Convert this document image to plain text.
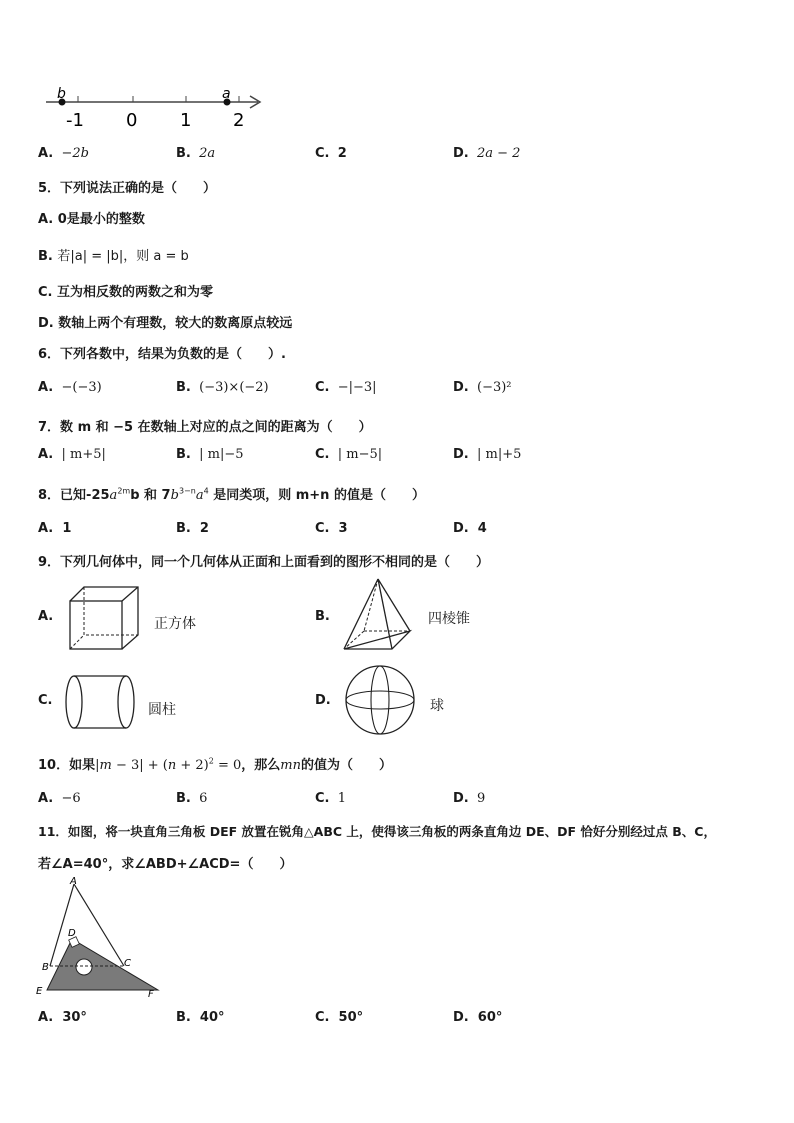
b	a
-1 0 1 2
A. −2b	B. 2a	C. 2	D. 2a − 2
5．下列说法正确的是（　　）
A. 0是最小的整数
B. 若|a| = |b|，则 a = b
C. 互为相反数的两数之和为零
D. 数轴上两个有理数，较大的数离原点较远
6．下列各数中，结果为负数的是（　　）.
A. −(−3)	B. (−3)×(−2)	C. −|−3|	D. (−3)²
7．数 m 和 −5 在数轴上对应的点之间的距离为（　　）
A. | m+5|	B. | m|−5	C. | m−5|	D. | m|+5
8．已知$-25a^{2m}b$ 和 $7b^{3-n}a^4$ 是同类项，则 m+n 的值是（　　）
A. 1	B. 2	C. 3	D. 4
9．下列几何体中，同一个几何体从正面和上面看到的图形不相同的是（　　）
A.	正方体	B.	四棱锥
C.
圆柱
D.	球
10．如果$|m - 3| + (n + 2)^2 = 0$，那么mn的值为（　　）
A. −6	B. 6	C. 1	D. 9
11．如图，将一块直角三角板 DEF 放置在锐角△ABC 上，使得该三角板的两条直角边 DE、DF 恰好分别经过点 B、C，
若∠A=40°，求∠ABD+∠ACD=（　　）
A
B	C
D
E	F
A. 30°	B. 40°	C. 50°	D. 60°
